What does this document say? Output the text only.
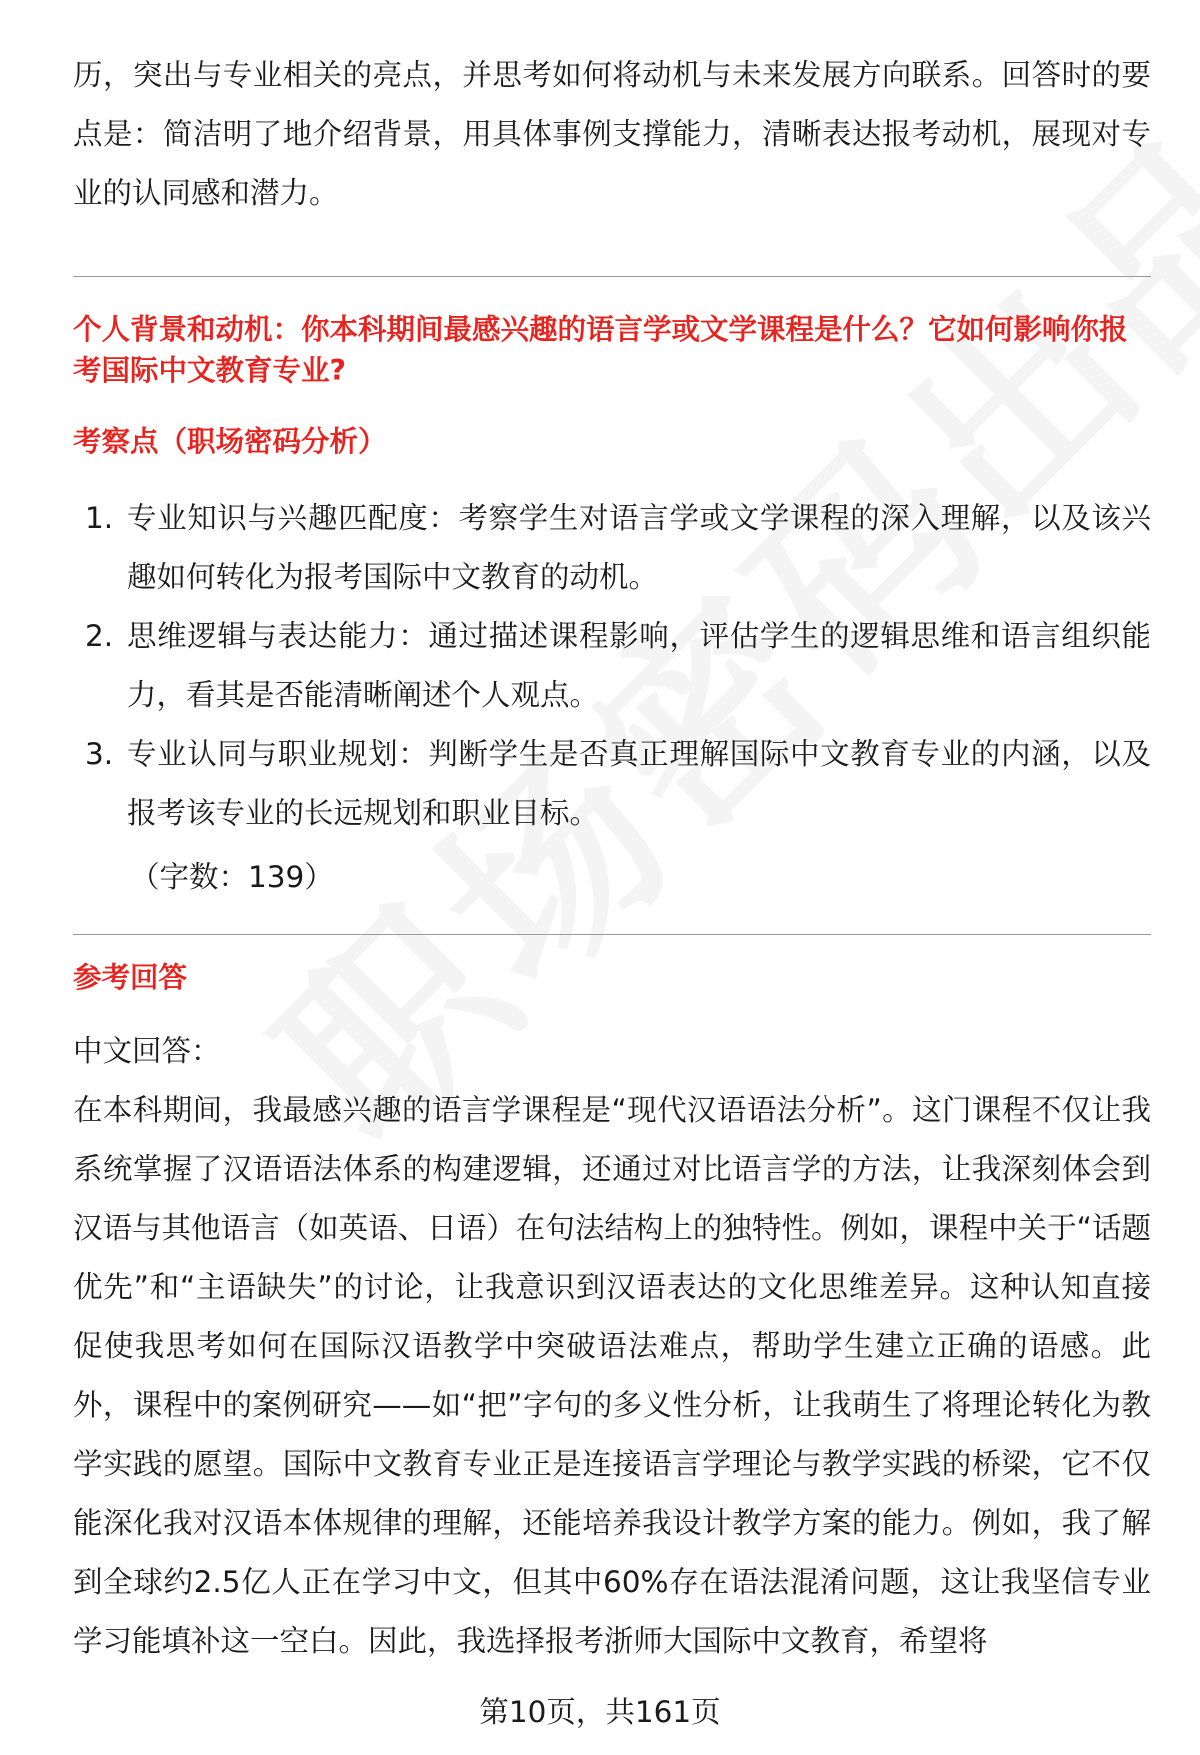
历，突出与专业相关的亮点，并思考如何将动机与未来发展方向联系。回答时的要点是：简洁明了地介绍背景，用具体事例支撑能力，清晰表达报考动机，展现对专业的认同感和潜力。

个人背景和动机：你本科期间最感兴趣的语言学或文学课程是什么？它如何影响你报考国际中文教育专业?

考察点（职场密码分析）

1. 专业知识与兴趣匹配度：考察学生对语言学或文学课程的深入理解，以及该兴趣如何转化为报考国际中文教育的动机。
2. 思维逻辑与表达能力：通过描述课程影响，评估学生的逻辑思维和语言组织能力，看其是否能清晰阐述个人观点。
3. 专业认同与职业规划：判断学生是否真正理解国际中文教育专业的内涵，以及报考该专业的长远规划和职业目标。

（字数：139）

参考回答

中文回答：

在本科期间，我最感兴趣的语言学课程是“现代汉语语法分析”。这门课程不仅让我系统掌握了汉语语法体系的构建逻辑，还通过对比语言学的方法，让我深刻体会到汉语与其他语言（如英语、日语）在句法结构上的独特性。例如，课程中关于“话题优先”和“主语缺失”的讨论，让我意识到汉语表达的文化思维差异。这种认知直接促使我思考如何在国际汉语教学中突破语法难点，帮助学生建立正确的语感。此外，课程中的案例研究——如“把”字句的多义性分析，让我萌生了将理论转化为教学实践的愿望。国际中文教育专业正是连接语言学理论与教学实践的桥梁，它不仅能深化我对汉语本体规律的理解，还能培养我设计教学方案的能力。例如，我了解到全球约2.5亿人正在学习中文，但其中60%存在语法混淆问题，这让我坚信专业学习能填补这一空白。因此，我选择报考浙师大国际中文教育，希望将

第10页，共161页
